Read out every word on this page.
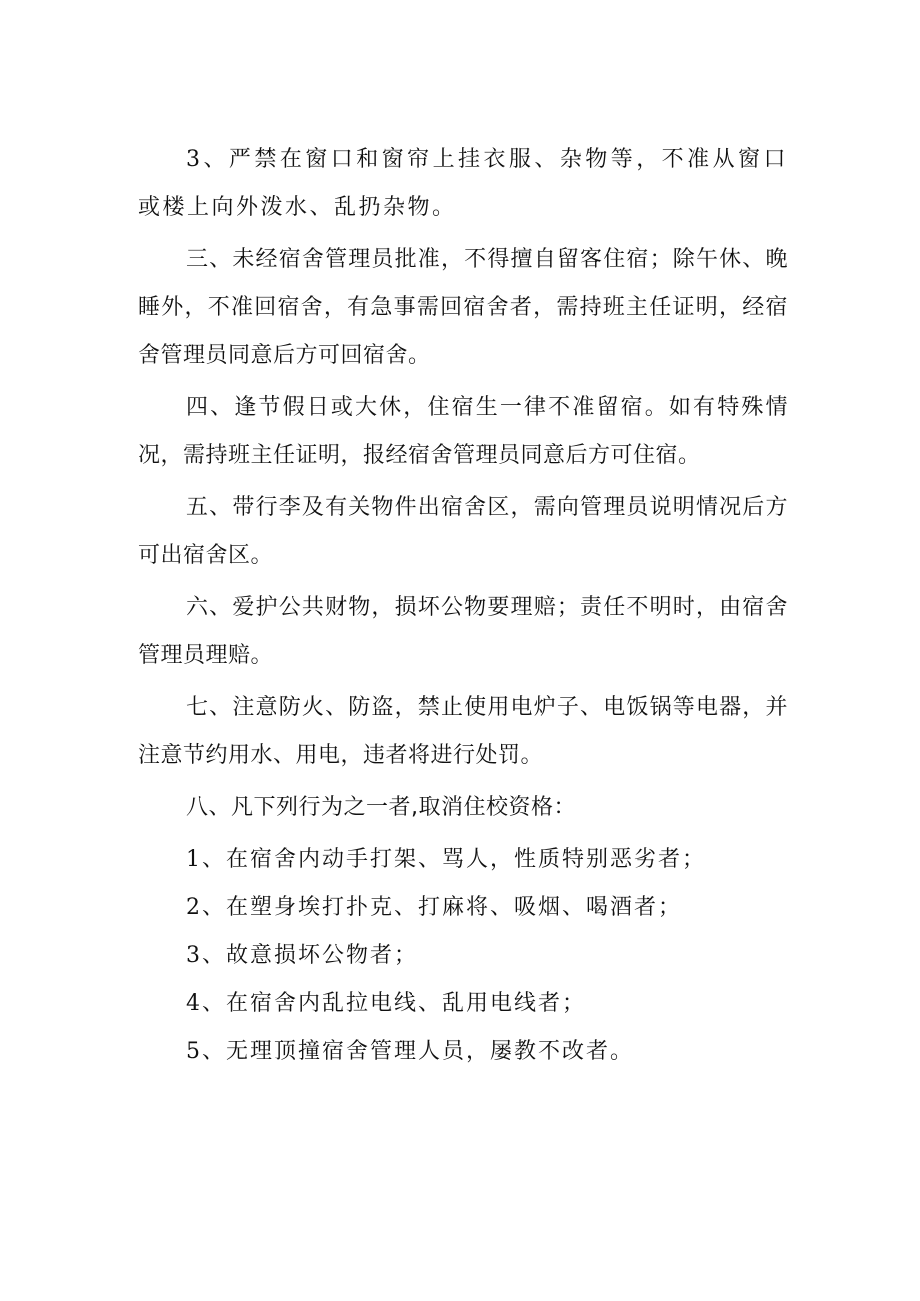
3、严禁在窗口和窗帘上挂衣服、杂物等，不准从窗口或楼上向外泼水、乱扔杂物。

三、未经宿舍管理员批准，不得擅自留客住宿；除午休、晚睡外，不准回宿舍，有急事需回宿舍者，需持班主任证明，经宿舍管理员同意后方可回宿舍。

四、逢节假日或大休，住宿生一律不准留宿。如有特殊情况，需持班主任证明，报经宿舍管理员同意后方可住宿。

五、带行李及有关物件出宿舍区，需向管理员说明情况后方可出宿舍区。

六、爱护公共财物，损坏公物要理赔；责任不明时，由宿舍管理员理赔。

七、注意防火、防盗，禁止使用电炉子、电饭锅等电器，并注意节约用水、用电，违者将进行处罚。

八、凡下列行为之一者,取消住校资格：

1、在宿舍内动手打架、骂人，性质特别恶劣者；
2、在塑身埃打扑克、打麻将、吸烟、喝酒者；
3、故意损坏公物者；
4、在宿舍内乱拉电线、乱用电线者；
5、无理顶撞宿舍管理人员，屡教不改者。
